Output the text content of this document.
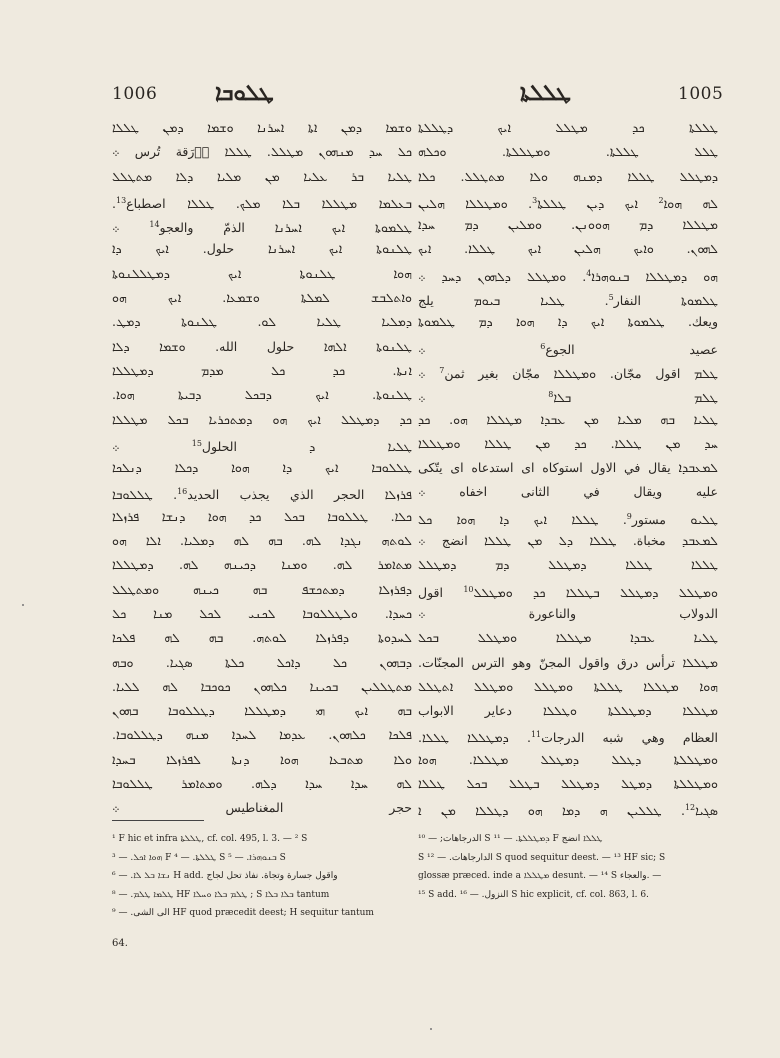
1006	ܛܠܘܒܐ	ܛܠܠܬܐ	1005
ܘܫܡܐ ܕܡܢ ܐܬܐ ܐܚܪܢܐ ܘܫܡܐ ܕܡܢ ܛܠܠܐ
ܟܠ ܚܕ ܡܢܗܘܢ ܡܛܠܠ. ܛܠܠܐ ܕَرَقة تُرس ܀
ܛܠܝܐ ܒܪ ܥܠܝܐ ܡܢ ܡܠܝܐ ܕܠܐ ܡܬܛܠܠ
ܒܥܠܡܐ ܡܛܠܠܐ ܒܠܐ ܡܠܟ. ܛܠܠܐ اصطباع$^{13}$.
ܛܠܡܘܬܐ ܐܝܟ ܐܚܪܢܐ الذمّ والعجو$^{14}$ ܀
ܛܠܢܘܬܐ ܐܝܟ ܐܚܪܢܐ حلول. ܐܝܟ ܕܐ
ܗܘܐ ܛܠܢܘܬܐ ܐܝܟ ܕܡܛܠܠܢܘܬܐ
ܘܐܬܠܒܫ ܠܡܠܬܐ ܘܫܡܥܐ. ܐܝܟ ܗܘ
ܕܡܠܝܐ ܛܠܝܐ ܠܘ. ܛܠܢܘܬܐ ܕܡܛ.
ܛܠܢܘܬܐ ܐܠܗܐ حلول الله. ܘܫܡܐ ܕܠܐ
ܐܢܬܐ. ܟܕ ܟܠ ܡܕܡ ܕܡܛܠܠܐ
ܛܠܢܘܬܐ. ܐܝܟ ܕܒܟܠ ܕܒܝܬܐ ܗܘܐ.
ܟܕ ܕܡܛܠܠ ܐܝܟ ܗܘ ܕܡܬܟܪܝܐ ܒܟܠ ܡܛܠܠܐ
ܛܠܝܐ ܕ الحلول$^{15}$ ܀
ܛܠܠܘܒܐ ܐܝܟ ܕܐ ܗܘܐ ܕܟܠܐ ܕܢܠܟܐ
ܦܪܙܠܐ الحجر الذي يجذب الحديد$^{16}$. ܛܠܠܘܒܐ
ܟܠܐ. ܛܠܠܘܒܐ ܒܟܠ ܟܕ ܗܘܐ ܕܢܫܐ ܦܪܙܠܐ
ܠܘܬܗ ܢܓܕܐ ܠܗ. ܒܗ ܠܗ ܕܡܠܝܐ. ܐܠܐ ܗܘ
ܡܬܐܡܪ ܠܗ. ܘܡܢܐ ܕܟܝܢܗ ܠܗ. ܕܡܛܠܠܐ
ܕܦܪܙܠܐ ܕܡܬܟܫܦ ܒܗ ܟܝܢܗ ܘܡܬܛܠܠ
ܟܚܕܐ. ܘܠܛܠܠܘܒܐ ܠܟܢܝ ܠܟܠ ܡܢܐ ܟܠ
ܠܚܕܘܬܐ ܕܦܪܙܠܐ ܠܘܬܗ. ܒܗ ܠܗ ܦܠܟܐ
ܕܒܗܘܢ ܟܠ ܕܐܟܠ ܟܠܬܐ ܣܓܝܐ. ܘܒܗ
ܡܬܛܠܠܝܢ ܒܟܝܢܐ ܟܠܗܘܢ ܟܘܟܒܐ ܠܗ ܠܠܝܐ.
ܒܗ ܐܝܟ ܗܝ ܕܡܛܠܠܐ ܕܛܠܠܘܒܐ ܒܗܘܢ
ܦܠܟܐ ܟܠܗܘܢ. ܥܕܡܐ ܠܚܕܐ ܡܢܗ ܕܛܠܠܘܒܐ.
ܘܠܐ ܡܬܒܥܐ ܗܘܐ ܕܢܬܐ ܠܦܪܙܠܐ ܒܚܕܐ
ܠܗ ܚܕܐ ܚܕܐ ܕܠܗ. ܘܡܬܐܡܪ ܛܠܠܘܒܐ
حجر المغناطيس ܀
ܛܠܠܬܐ ܟܕ ܡܛܠܠ ܐܝܟ ܕܛܠܠܬܐ
ܛܠܠ ܛܠܠܬܐ. ܘܡܛܠܠܬܐ. ܘܟܠܗ
ܕܡܛܠܠ ܛܠܠܐ ܕܡܢܗ ܘܠܐ ܡܬܛܠܠ. ܟܠܐ
ܠܗ ܗܘܐ$^2$ ܐܝܟ ܕܝܢ ܛܠܠܬܐ$^3$. ܘܡܛܠܠܐ ܗܠܝܢ
ܡܛܠܠܐ ܕܡ ܗܘܘܢܢ. ܘܡܠܝܢ ܕܡ ܚܕܐ
ܠܗܘܢ. ܘܐܝܟ ܗܠܝܢ ܐܝܟ ܛܠܠܐ. ܐܝܟ
ܗܘ ܕܡܛܠܠܐ ܒܢܘܗܪܐ$^4$. ܘܡܛܠܠ ܕܠܗܘܢ ܕܚܕ ܀
ܛܠܡܘܬܐ النفار$^5$. ܛܠܝܐ ܒܝܘܡ يلج
ويعك. ܛܠܡܘܬܐ ܐܝܟ ܕܐ ܗܘܐ ܕܡ ܛܠܡܘܬܐ
عصيد الجوع$^6$ ܀
ܛܠܡ اقول مجّان. ܘܡܛܠܠܐ مجّان بغير ثمن$^7$ ܀
ܛܠܡ ܒܠܐ$^8$ ܀
ܛܠܝܐ ܒܗ ܡܠܝܐ ܡܢ ܥܒܕܐ ܡܛܠܠܐ ܗܘ. ܟܕ
ܚܕ ܡܢ ܛܠܠܐ. ܟܕ ܡܢ ܛܠܠܐ ܘܡܛܠܠܐ
ܠܡܥܒܕܐ يقال في الاول استوكاه اى استدعاه اى يتّكى
عليه ويقال في الثانى اخفاه ܀
ܛܠܝܘ مستور$^9$. ܛܠܠܐ ܐܝܟ ܕܐ ܗܘܐ ܟܠ
ܠܡܥܒܕ مخباة. ܛܠܠܐ ܕܠ ܡܢ ܛܠܠܐ انضج ܀
ܛܠܠܐ ܛܠܠܐ ܕܡܛܠܠ ܕܡ ܕܡܛܠܠ
ܘܡܛܠܠ ܕܡܛܠܠ ܒܛܠܠܐ ܟܕ ܘܡܛܠܠ$^{10}$ اقول
الدولاب والناعورة ܀
ܛܠܝܐ ܥܒܕܐ ܡܛܠܠܐ ܘܡܛܠܠ ܒܟܠ
ܡܛܠܠܐ ترأس درق واقول المجنّ وهو الترس المجنّات.
ܗܘܐ ܡܛܠܠܐ ܛܠܠܬܐ ܘܡܛܠܠ ܘܡܛܠܠ ܐܬܛܠܠ
ܡܛܠܠܐ ܕܡܛܠܠܬܐ ܘܛܠܠܐ دعاير الابواب
العظام وهي شبه الدرجات$^{11}$. ܕܡܛܠܠܐ ܛܠܠܐ.
ܘܡܛܠܠܬܐ ܕܛܠܠ ܕܡܛܠܠ ܡܛܠܠܐ. ܗܘܐ
ܘܡܛܠܠܬܐ ܕܡܛܠ ܕܡܛܠܠ ܒܛܠܠ ܒܟܠ ܛܠܠܐ
ܣܓܝܐ$^{12}$. ܛܠܠܝܢ ܗ ܕܡܐ ܗܘ ܕܛܠܠܐ ܡܢ ܐ
¹ F hic et infra ܛܠܠܬܐ, cf. col. 495, l. 3. — ² S
ܗܘܐ ܐܟܠ. — ³ F ܛܠܠܬܐ. — ⁴ S ܒܢܘܗܪܐ. — ⁵ S
ܢܫܐ ܒܠ ܠܐ. — ⁶ H add. واقول جسارة وتجاة. نفاذ تحل لجاج
ܛܠܡܐ ܛܠܡ. — ⁸ HF ܛܠܡ ܒܠܐ ܘܚܠܐ ; S ܒܠܐ ܒܠܐ tantum
الى الشى. — ⁹ HF quod præcedit deest; H sequitur tantum
الدرجاهات; — ¹⁰ S ܕܡܛܠܠܬܐ. — ¹¹ F ܛܠܠܐ انضج
S الدارجاهات. — ¹² S quod sequitur deest. — ¹³ HF sic; S
glossæ præced. inde a ܡܛܠܠܐ desunt. — ¹⁴ S والعجاء. —
¹⁵ S add. النزول. — ¹⁶ S hic explicit, cf. col. 863, l. 6.
64.
